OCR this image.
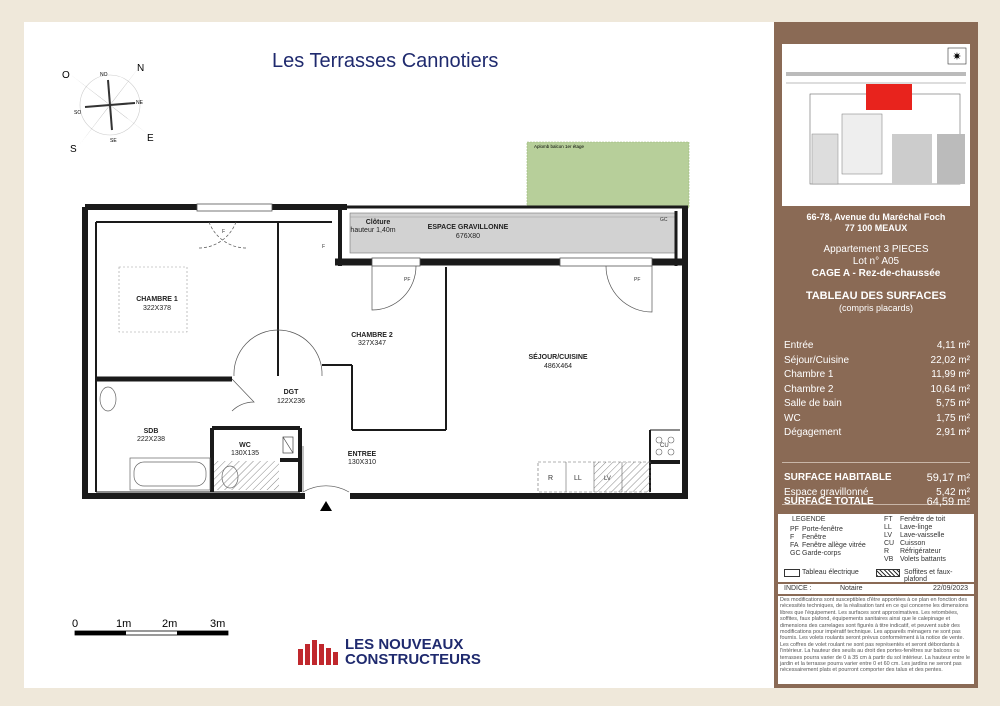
Les Terrasses Cannotiers
O
N
E
S
NO
NE
SO
SE
Aplomb balcon 1er étage
CHAMBRE 1
322X378
CHAMBRE 2
327X347
SÉJOUR/CUISINE
486X464
DGT
122X236
SDB
222X238
WC
130X135	ENTREE
130X310
ESPACE GRAVILLONNE
676X80
Clôture
hauteur 1,40m
F
F
PF	PF
GC
CU
R	LL	LV
0	1m	2m	3m
LES NOUVEAUX
CONSTRUCTEURS
✷
66-78, Avenue du Maréchal Foch
77 100 MEAUX
Appartement 3 PIECES
Lot n° A05
CAGE A - Rez-de-chaussée
TABLEAU DES SURFACES
(compris placards)
Entrée	4,11 m²
Séjour/Cuisine	22,02 m²
Chambre 1	11,99 m²
Chambre 2	10,64 m²
Salle de bain	5,75 m²
WC	1,75 m²
Dégagement	2,91 m²
SURFACE HABITABLE	59,17 m²
Espace gravillonné	5,42 m²
SURFACE TOTALE	64,59 m²
LEGENDE
PF Porte-fenêtre
F Fenêtre
FA Fenêtre allège vitrée
GC Garde-corps
FT Fenêtre de toit
LL Lave-linge
LV Lave-vaisselle
CU Cuisson
R Réfrigérateur
VB Volets battants
Tableau électrique	Soffites et faux-plafond
INDICE :	Notaire	22/09/2023
Des modifications sont susceptibles d'être apportées à ce plan en fonction des nécessités techniques, de la réalisation tant en ce qui concerne les dimensions libres que l'équipement. Les surfaces sont approximatives. Les retombées, soffites, faux plafond, équipements sanitaires ainsi que le calepinage et dimensions des carrelages sont figurés à titre indicatif, et peuvent subir des modifications pour impératif technique. Les appareils ménagers ne sont pas fournis. Les volets roulants seront prévus conformément à la notice de vente. Les coffres de volet roulant ne sont pas représentés et seront débordants à l'intérieur. La hauteur des seuils au droit des portes-fenêtres sur balcons ou terrasses pourra varier de 0 à 35 cm à partir du sol intérieur. La hauteur entre le jardin et la terrasse pourra varier entre 0 et 60 cm. Les jardins ne seront pas nécessairement plats et pourront comporter des talus et des pentes.
